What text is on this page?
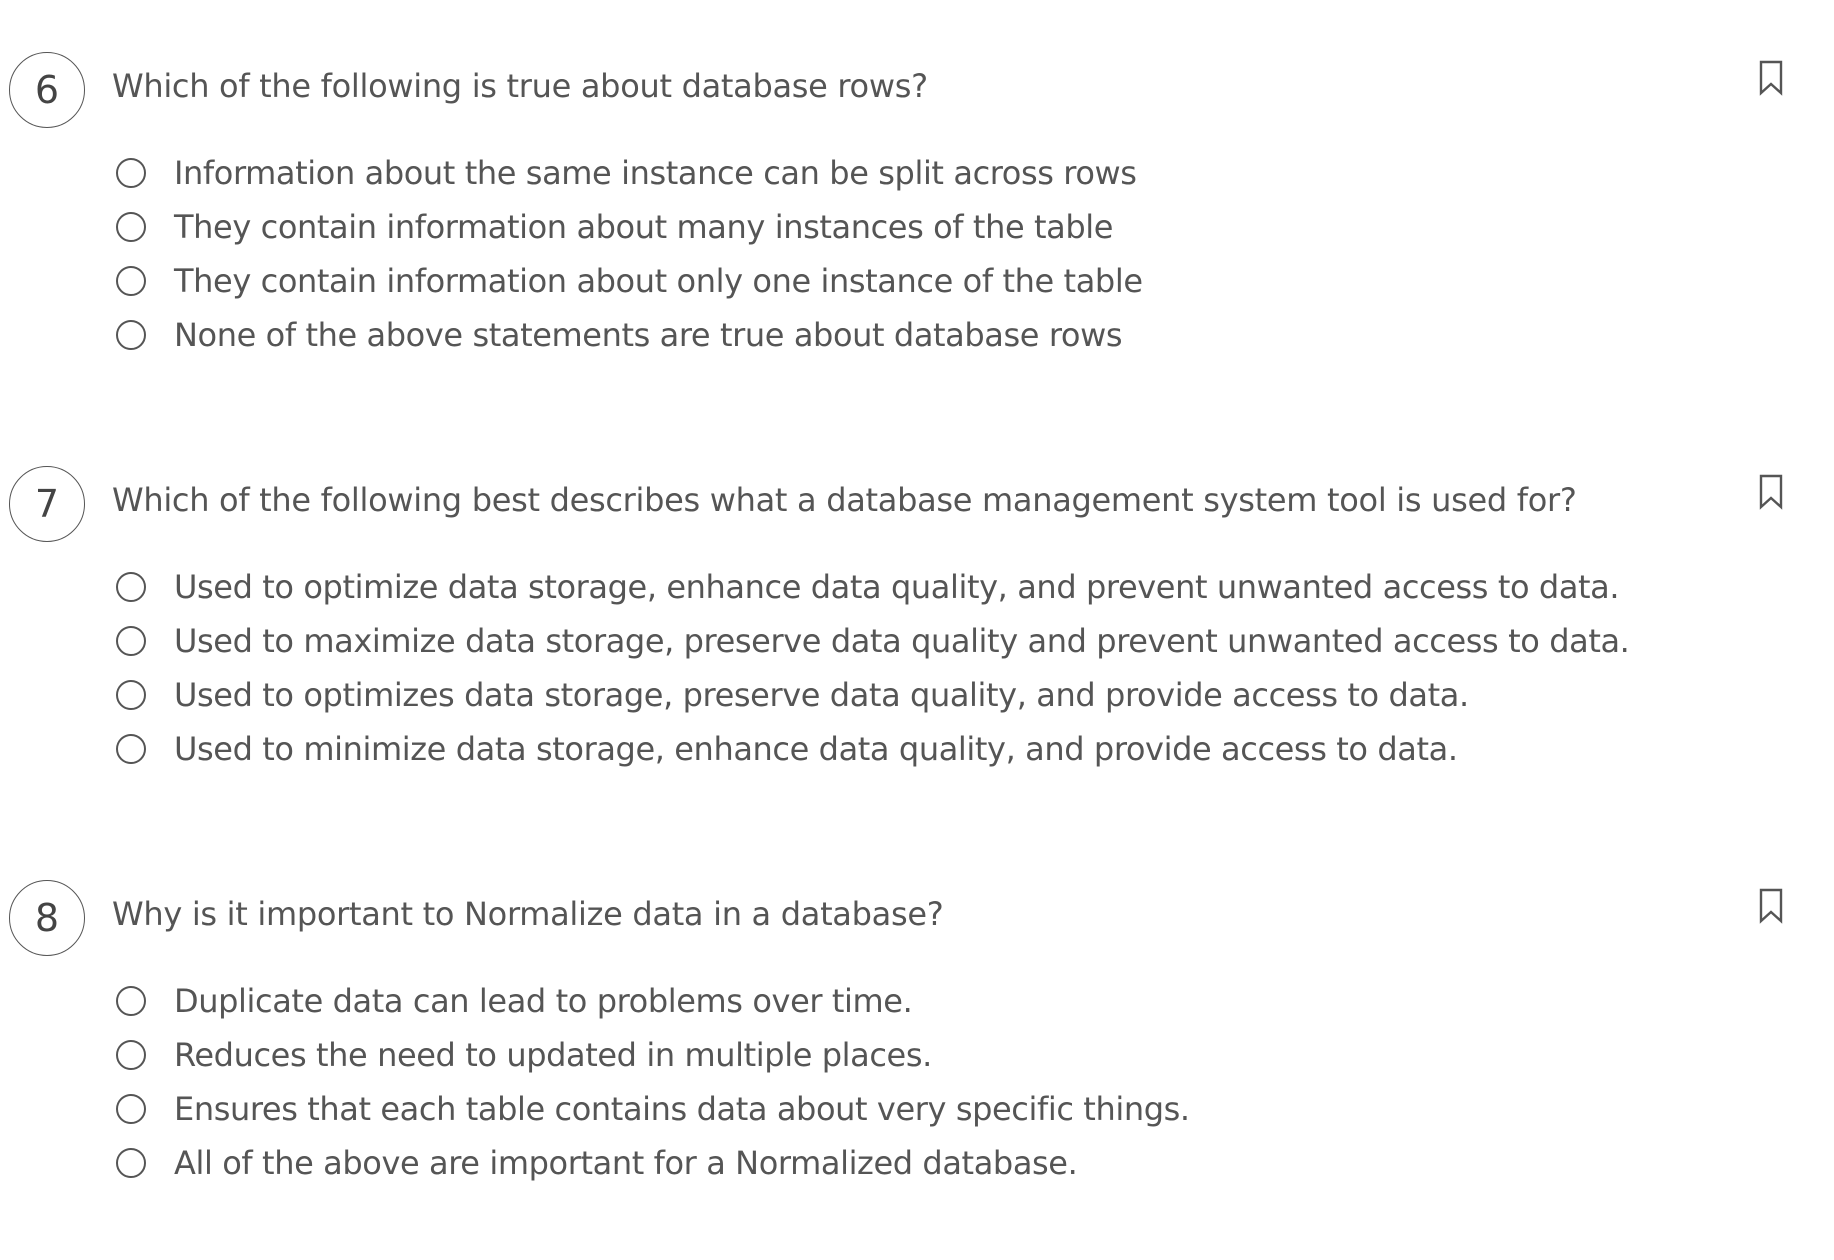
6	Which of the following is true about database rows?
Information about the same instance can be split across rows
They contain information about many instances of the table
They contain information about only one instance of the table
None of the above statements are true about database rows
7	Which of the following best describes what a database management system tool is used for?
Used to optimize data storage, enhance data quality, and prevent unwanted access to data.
Used to maximize data storage, preserve data quality and prevent unwanted access to data.
Used to optimizes data storage, preserve data quality, and provide access to data.
Used to minimize data storage, enhance data quality, and provide access to data.
8	Why is it important to Normalize data in a database?
Duplicate data can lead to problems over time.
Reduces the need to updated in multiple places.
Ensures that each table contains data about very specific things.
All of the above are important for a Normalized database.
